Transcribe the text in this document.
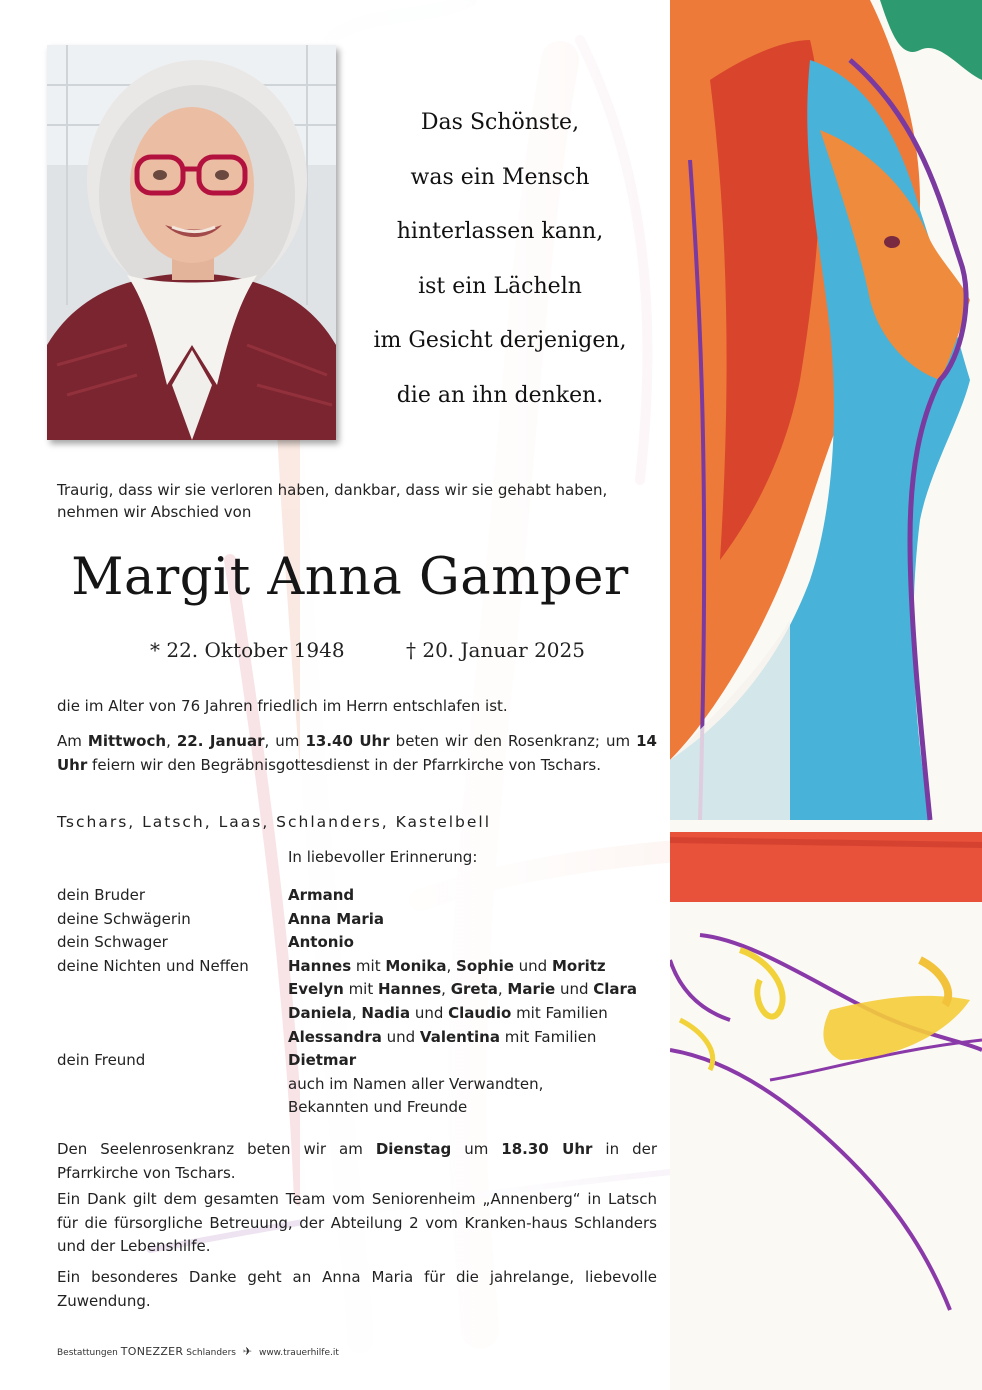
Das Schönste,
was ein Mensch
hinterlassen kann,
ist ein Lächeln
im Gesicht derjenigen,
die an ihn denken.
Traurig, dass wir sie verloren haben, dankbar, dass wir sie gehabt haben,
nehmen wir Abschied von
Margit Anna Gamper
* 22. Oktober 1948	† 20. Januar 2025
die im Alter von 76 Jahren friedlich im Herrn entschlafen ist.
Am Mittwoch, 22. Januar, um 13.40 Uhr beten wir den Rosenkranz; um 14 Uhr feiern wir den Begräbnisgottesdienst in der Pfarrkirche von Tschars.
Tschars, Latsch, Laas, Schlanders, Kastelbell
In liebevoller Erinnerung:
dein Bruder	Armand
deine Schwägerin	Anna Maria
dein Schwager	Antonio
deine Nichten und Neffen	Hannes mit Monika, Sophie und Moritz
Evelyn mit Hannes, Greta, Marie und Clara
Daniela, Nadia und Claudio mit Familien
Alessandra und Valentina mit Familien
dein Freund	Dietmar
auch im Namen aller Verwandten,
Bekannten und Freunde
Den Seelenrosenkranz beten wir am Dienstag um 18.30 Uhr in der Pfarrkirche von Tschars.
Ein Dank gilt dem gesamten Team vom Seniorenheim „Annenberg“ in Latsch für die fürsorgliche Betreuung, der Abteilung 2 vom Kranken-haus Schlanders und der Lebenshilfe.
Ein besonderes Danke geht an Anna Maria für die jahrelange, liebevolle Zuwendung.
Bestattungen TONEZZER Schlanders ✈ www.trauerhilfe.it
